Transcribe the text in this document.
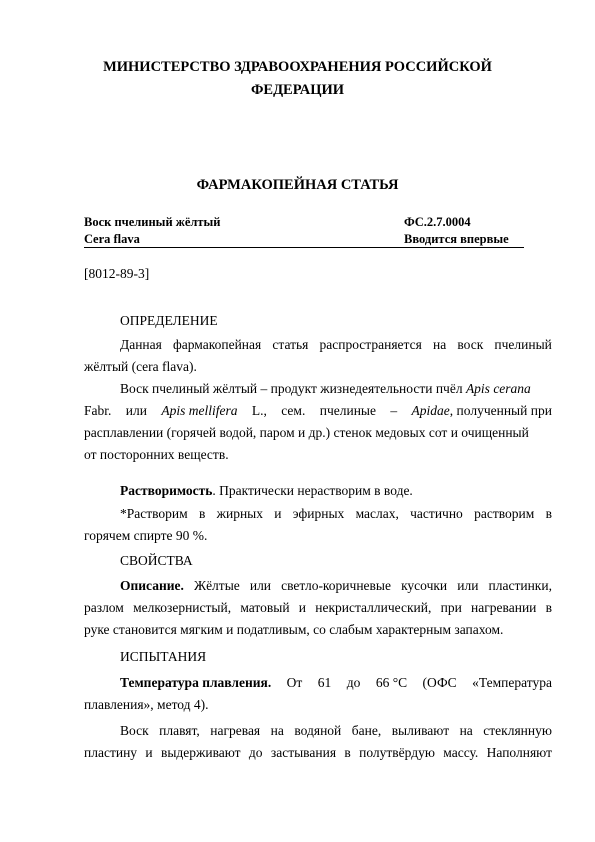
МИНИСТЕРСТВО ЗДРАВООХРАНЕНИЯ РОССИЙСКОЙ
ФЕДЕРАЦИИ
ФАРМАКОПЕЙНАЯ СТАТЬЯ
Воск пчелиный жёлтый	ФС.2.7.0004
Cera flava	Вводится впервые
[8012-89-3]
ОПРЕДЕЛЕНИЕ
Данная фармакопейная статья распространяется на воск пчелиный
жёлтый (cera flava).
Воск пчелиный жёлтый – продукт жизнедеятельности пчёл Apis cerana
Fabr. или Apis mellifera L., сем. пчелиные – Apidae, полученный при
расплавлении (горячей водой, паром и др.) стенок медовых сот и очищенный
от посторонних веществ.
Растворимость. Практически нерастворим в воде.
*Растворим в жирных и эфирных маслах, частично растворим в
горячем спирте 90 %.
СВОЙСТВА
Описание. Жёлтые или светло-коричневые кусочки или пластинки,
разлом мелкозернистый, матовый и некристаллический, при нагревании в
руке становится мягким и податливым, со слабым характерным запахом.
ИСПЫТАНИЯ
Температура плавления. От 61 до 66 °С (ОФС «Температура
плавления», метод 4).
Воск плавят, нагревая на водяной бане, выливают на стеклянную
пластину и выдерживают до застывания в полутвёрдую массу. Наполняют
